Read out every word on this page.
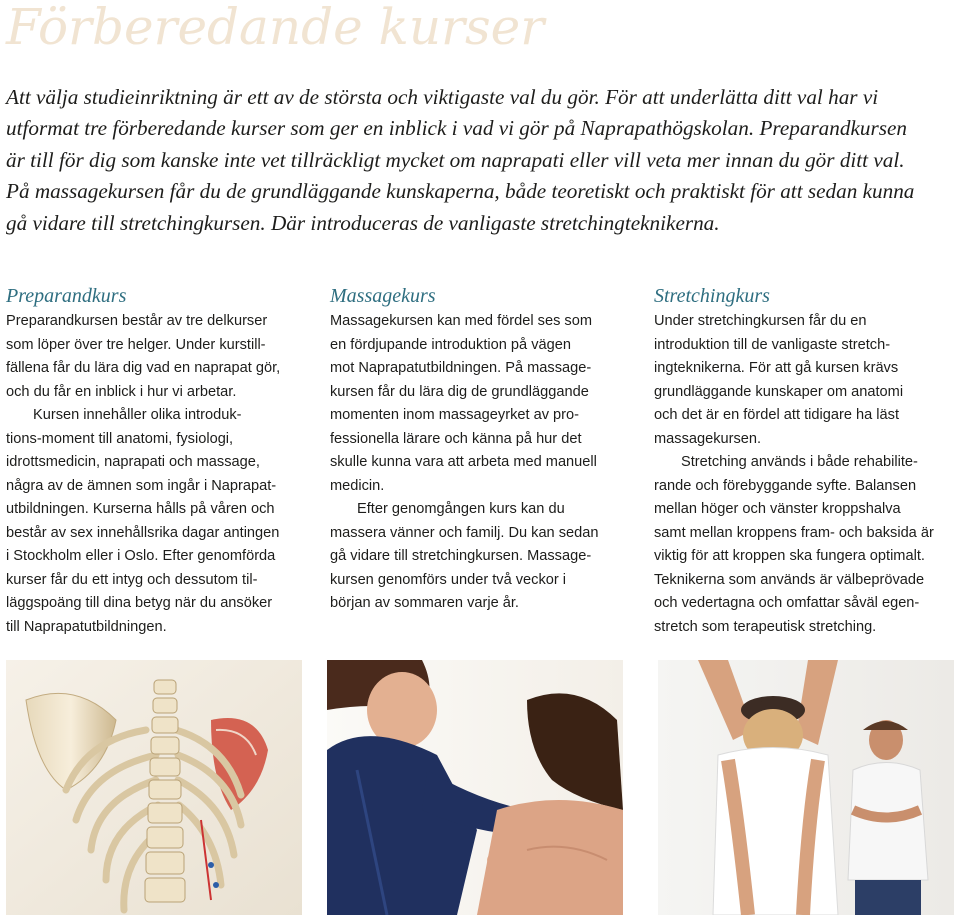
Förberedande kurser

Att välja studieinriktning är ett av de största och viktigaste val du gör. För att underlätta ditt val har vi
utformat tre förberedande kurser som ger en inblick i vad vi gör på Naprapathögskolan. Preparandkursen
är till för dig som kanske inte vet tillräckligt mycket om naprapati eller vill veta mer innan du gör ditt val.
På massagekursen får du de grundläggande kunskaperna, både teoretiskt och praktiskt för att sedan kunna
gå vidare till stretchingkursen. Där introduceras de vanligaste stretchingteknikerna.

Preparandkurs

Preparandkursen består av tre delkurser
som löper över tre helger. Under kurstill-
fällena får du lära dig vad en naprapat gör,
och du får en inblick i hur vi arbetar.
Kursen innehåller olika introduk-
tions-moment till anatomi, fysiologi,
idrottsmedicin, naprapati och massage,
några av de ämnen som ingår i Naprapat-
utbildningen. Kurserna hålls på våren och
består av sex innehållsrika dagar antingen
i Stockholm eller i Oslo. Efter genomförda
kurser får du ett intyg och dessutom til-
läggspoäng till dina betyg när du ansöker
till Naprapatutbildningen.

Massagekurs

Massagekursen kan med fördel ses som
en fördjupande introduktion på vägen
mot Naprapatutbildningen. På massage-
kursen får du lära dig de grundläggande
momenten inom massageyrket av pro-
fessionella lärare och känna på hur det
skulle kunna vara att arbeta med manuell
medicin.
Efter genomgången kurs kan du
massera vänner och familj. Du kan sedan
gå vidare till stretchingkursen. Massage-
kursen genomförs under två veckor i
början av sommaren varje år.

Stretchingkurs

Under stretchingkursen får du en
introduktion till de vanligaste stretch-
ingteknikerna. För att gå kursen krävs
grundläggande kunskaper om anatomi
och det är en fördel att tidigare ha läst
massagekursen.
Stretching används i både rehabilite-
rande och förebyggande syfte. Balansen
mellan höger och vänster kroppshalva
samt mellan kroppens fram- och baksida är
viktig för att kroppen ska fungera optimalt.
Teknikerna som används är välbeprövade
och vedertagna och omfattar såväl egen-
stretch som terapeutisk stretching.
